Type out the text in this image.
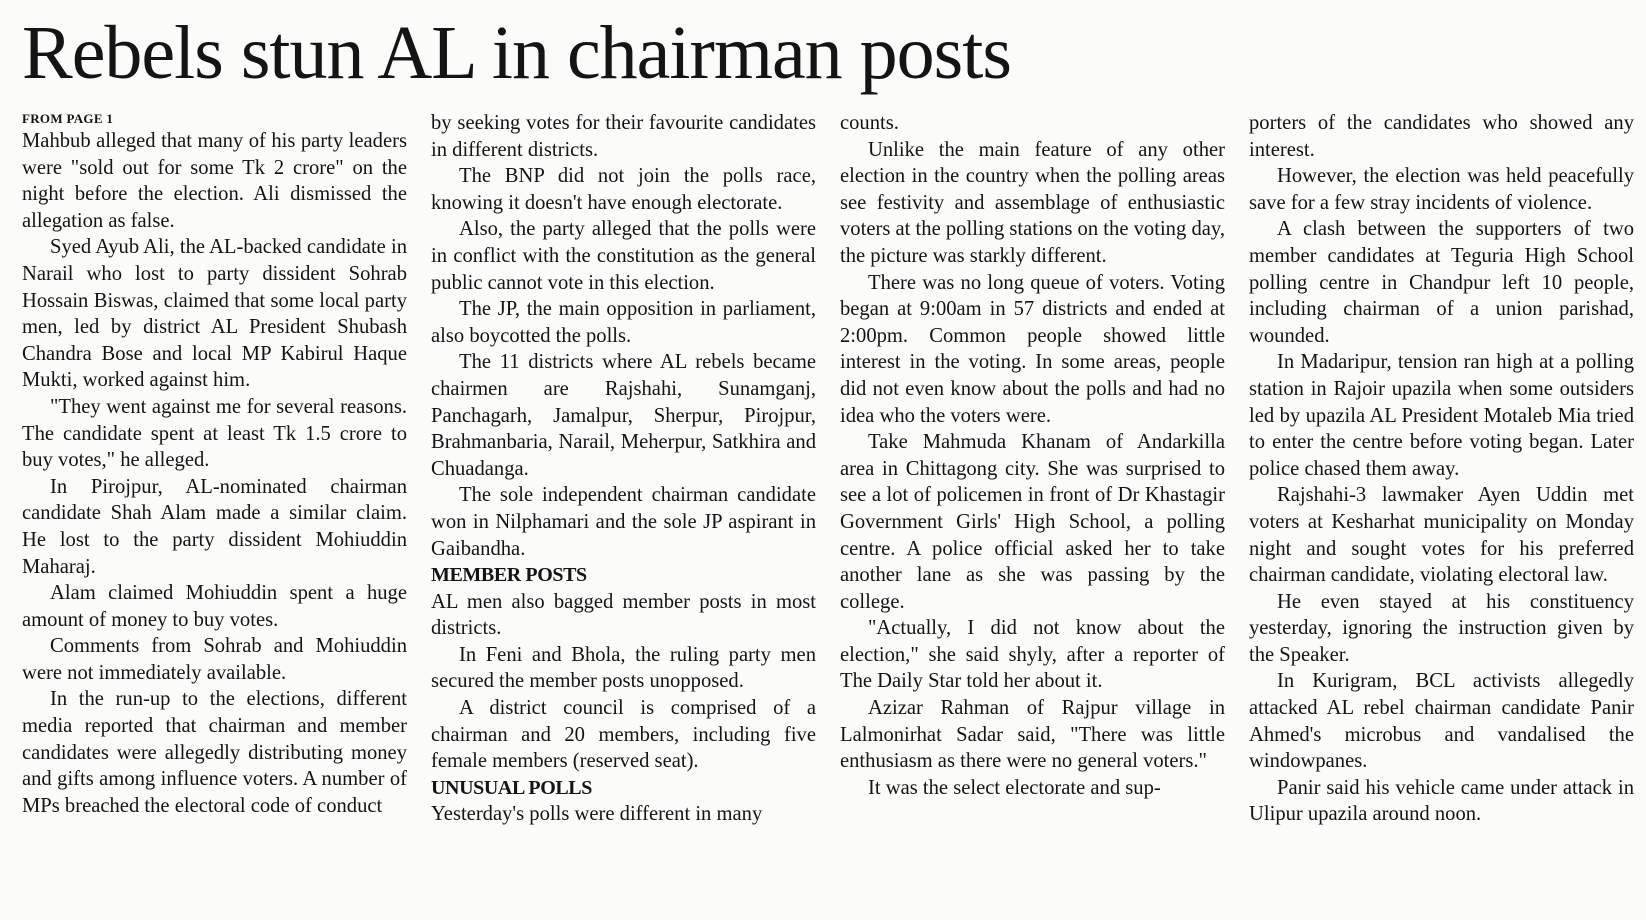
Rebels stun AL in chairman posts
FROM PAGE 1

Mahbub alleged that many of his party leaders were "sold out for some Tk 2 crore" on the night before the election. Ali dismissed the allegation as false.

Syed Ayub Ali, the AL-backed candidate in Narail who lost to party dissident Sohrab Hossain Biswas, claimed that some local party men, led by district AL President Shubash Chandra Bose and local MP Kabirul Haque Mukti, worked against him.

"They went against me for several reasons. The candidate spent at least Tk 1.5 crore to buy votes," he alleged.

In Pirojpur, AL-nominated chairman candidate Shah Alam made a similar claim. He lost to the party dissident Mohiuddin Maharaj.

Alam claimed Mohiuddin spent a huge amount of money to buy votes.

Comments from Sohrab and Mohiuddin were not immediately available.

In the run-up to the elections, different media reported that chairman and member candidates were allegedly distributing money and gifts among influence voters. A number of MPs breached the electoral code of conduct

by seeking votes for their favourite candidates in different districts.

The BNP did not join the polls race, knowing it doesn't have enough electorate.

Also, the party alleged that the polls were in conflict with the constitution as the general public cannot vote in this election.

The JP, the main opposition in parliament, also boycotted the polls.

The 11 districts where AL rebels became chairmen are Rajshahi, Sunamganj, Panchagarh, Jamalpur, Sherpur, Pirojpur, Brahmanbaria, Narail, Meherpur, Satkhira and Chuadanga.

The sole independent chairman candidate won in Nilphamari and the sole JP aspirant in Gaibandha.

MEMBER POSTS

AL men also bagged member posts in most districts.

In Feni and Bhola, the ruling party men secured the member posts unopposed.

A district council is comprised of a chairman and 20 members, including five female members (reserved seat).

UNUSUAL POLLS

Yesterday's polls were different in many

counts.

Unlike the main feature of any other election in the country when the polling areas see festivity and assemblage of enthusiastic voters at the polling stations on the voting day, the picture was starkly different.

There was no long queue of voters. Voting began at 9:00am in 57 districts and ended at 2:00pm. Common people showed little interest in the voting. In some areas, people did not even know about the polls and had no idea who the voters were.

Take Mahmuda Khanam of Andarkilla area in Chittagong city. She was surprised to see a lot of policemen in front of Dr Khastagir Government Girls' High School, a polling centre. A police official asked her to take another lane as she was passing by the college.

"Actually, I did not know about the election," she said shyly, after a reporter of The Daily Star told her about it.

Azizar Rahman of Rajpur village in Lalmonirhat Sadar said, "There was little enthusiasm as there were no general voters."

It was the select electorate and sup-

porters of the candidates who showed any interest.

However, the election was held peacefully save for a few stray incidents of violence.

A clash between the supporters of two member candidates at Teguria High School polling centre in Chandpur left 10 people, including chairman of a union parishad, wounded.

In Madaripur, tension ran high at a polling station in Rajoir upazila when some outsiders led by upazila AL President Motaleb Mia tried to enter the centre before voting began. Later police chased them away.

Rajshahi-3 lawmaker Ayen Uddin met voters at Kesharhat municipality on Monday night and sought votes for his preferred chairman candidate, violating electoral law.

He even stayed at his constituency yesterday, ignoring the instruction given by the Speaker.

In Kurigram, BCL activists allegedly attacked AL rebel chairman candidate Panir Ahmed's microbus and vandalised the windowpanes.

Panir said his vehicle came under attack in Ulipur upazila around noon.
